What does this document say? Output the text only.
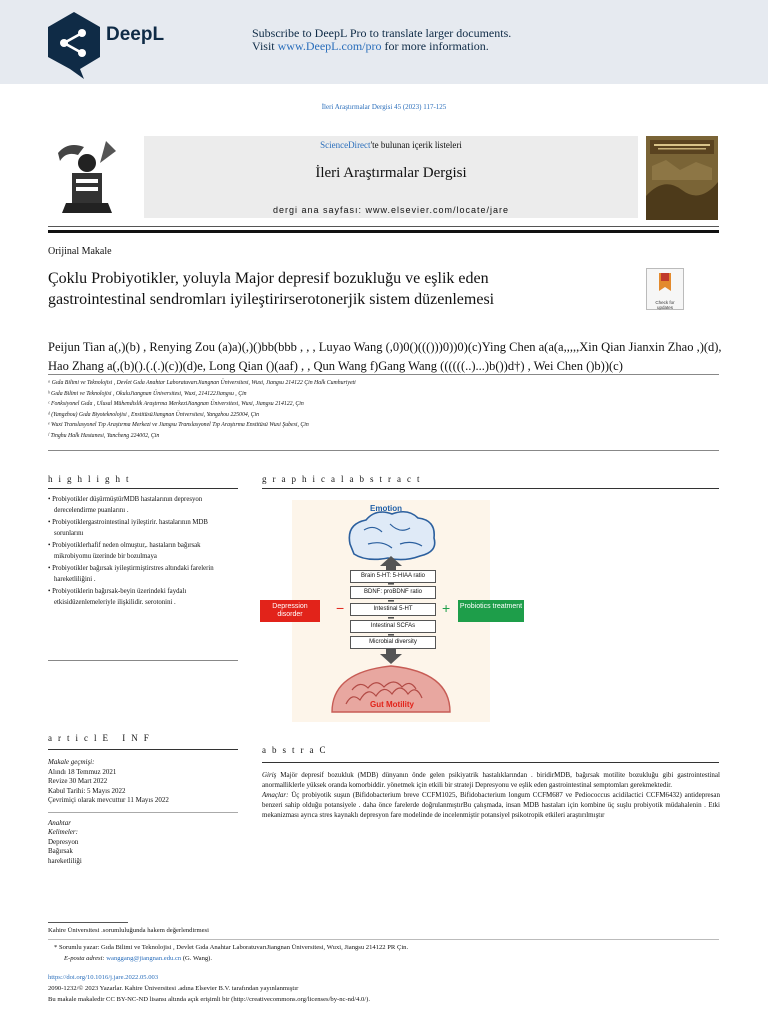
DeepL	Subscribe to DeepL Pro to translate larger documents.
Visit www.DeepL.com/pro for more information.
İleri Araştırmalar Dergisi 45 (2023) 117-125
ScienceDirect'te bulunan içerik listeleri
İleri Araştırmalar Dergisi
dergi ana sayfası: www.elsevier.com/locate/jare
Orijinal Makale
Çoklu Probiyotikler, yoluyla Major depresif bozukluğu ve eşlik eden gastrointestinal sendromları iyileştirirserotonerjik sistem düzenlemesi	Check for updates
Peijun Tian a(,)(b) , Renying Zou (a)a)(,)()bb(bbb , , , Luyao Wang (,0)0()((()))0))0)(c)Ying Chen a(a(a,,,,,Xin Qian Jianxin Zhao ,)(d),
Hao Zhang a(,(b)().(.(.)(c))(d)e, Long Qian ()(aaf) , , Qun Wang f)Gang Wang ((((((..)...)b())d†) , Wei Chen ()b))(c)
ᵃ Gıda Bilimi ve Teknolojisi , Devlet Gıda Anahtar LaboratuvarıJiangnan Üniversitesi, Wuxi, Jiangsu 214122 Çin Halk Cumhuriyeti
ᵇ Gıda Bilimi ve Teknolojisi , OkuluJiangnan Üniversitesi, Wuxi, 214122Jiangsu , Çin
ᶜ Fonksiyonel Gıda , Ulusal Mühendislik Araştırma MerkeziJiangnan Üniversitesi, Wuxi, Jiangsu 214122, Çin
ᵈ (Yangzhou) Gıda Biyoteknolojisi , EnstitüsüJiangnan Üniversitesi, Yangzhou 225004, Çin
ᵉ Wuxi Translasyonel Tıp Araştırma Merkezi ve Jiangsu Translasyonel Tıp Araştırma Enstitüsü Wuxi Şubesi, Çin
ᶠ Tinghu Halk Hastanesi, Yancheng 224002, Çin
highlight
• Probiyotikler düşürmüştürMDB hastalarının depresyon derecelendirme puanlarını .
• Probiyotiklergastrointestinal iyileştirir. hastalarının MDB sorunlarını
• Probiyotiklerhafif neden olmuştur,. hastaların bağırsak mikrobiyomu üzerinde bir bozulmaya
• Probiyotikler bağırsak iyileştirmiştirstres altındaki farelerin hareketliliğini .
• Probiyotiklerin bağırsak-beyin üzerindeki faydalı etkisidüzenlemeleriyle ilişkilidir. serotonini .
graphicalabstract
Emotion
Brain 5-HT: 5-HIAA ratio
BDNF: proBDNF ratio
Intestinal 5-HT
Intestinal SCFAs
Microbial diversity
Gut Motility
Depression disorder	−	+ Probiotics treatment
articlE INF
Makale geçmişi:
Alındı 18 Temmuz 2021
Revize 30 Mart 2022
Kabul Tarihi: 5 Mayıs 2022
Çevrimiçi olarak mevcuttur 11 Mayıs 2022
Anahtar
Kelimeler:
Depresyon
Bağırsak
hareketliliği
abstraC
Giriş Majör depresif bozukluk (MDB) dünyanın önde gelen psikiyatrik hastalıklarından . biridirMDB, bağırsak motilite bozukluğu gibi gastrointestinal anormalliklerle yüksek oranda komorbiddir. yönetmek için etkili bir strateji Depresyonu ve eşlik eden gastrointestinal semptomları gerekmektedir.
Amaçlar: Üç probiyotik suşun (Bifidobacterium breve CCFM1025, Bifidobacterium longum CCFM687 ve Pediococcus acidilactici CCFM6432) antidepresan benzeri sahip olduğu potansiyele . daha önce farelerde doğrulanmıştırBu çalışmada, insan MDB hastaları için kombine üç suşlu probiyotik müdahalenin . Etki mekanizması ayrıca stres kaynaklı depresyon fare modelinde de incelenmiştir potansiyel psikotropik etkileri araştırılmıştır
Kahire Üniversitesi .sorumluluğunda hakem değerlendirmesi
* Sorumlu yazar: Gıda Bilimi ve Teknolojisi , Devlet Gıda Anahtar LaboratuvarıJiangnan Üniversitesi, Wuxi, Jiangsu 214122 PR Çin.
E-posta adresi: wanggang@jiangnan.edu.cn (G. Wang).
https://doi.org/10.1016/j.jare.2022.05.003
2090-1232/© 2023 Yazarlar. Kahire Üniversitesi .adına Elsevier B.V. tarafından yayınlanmıştır
Bu makale makaledir CC BY-NC-ND lisansı altında açık erişimli bir (http://creativecommons.org/licenses/by-nc-nd/4.0/).
